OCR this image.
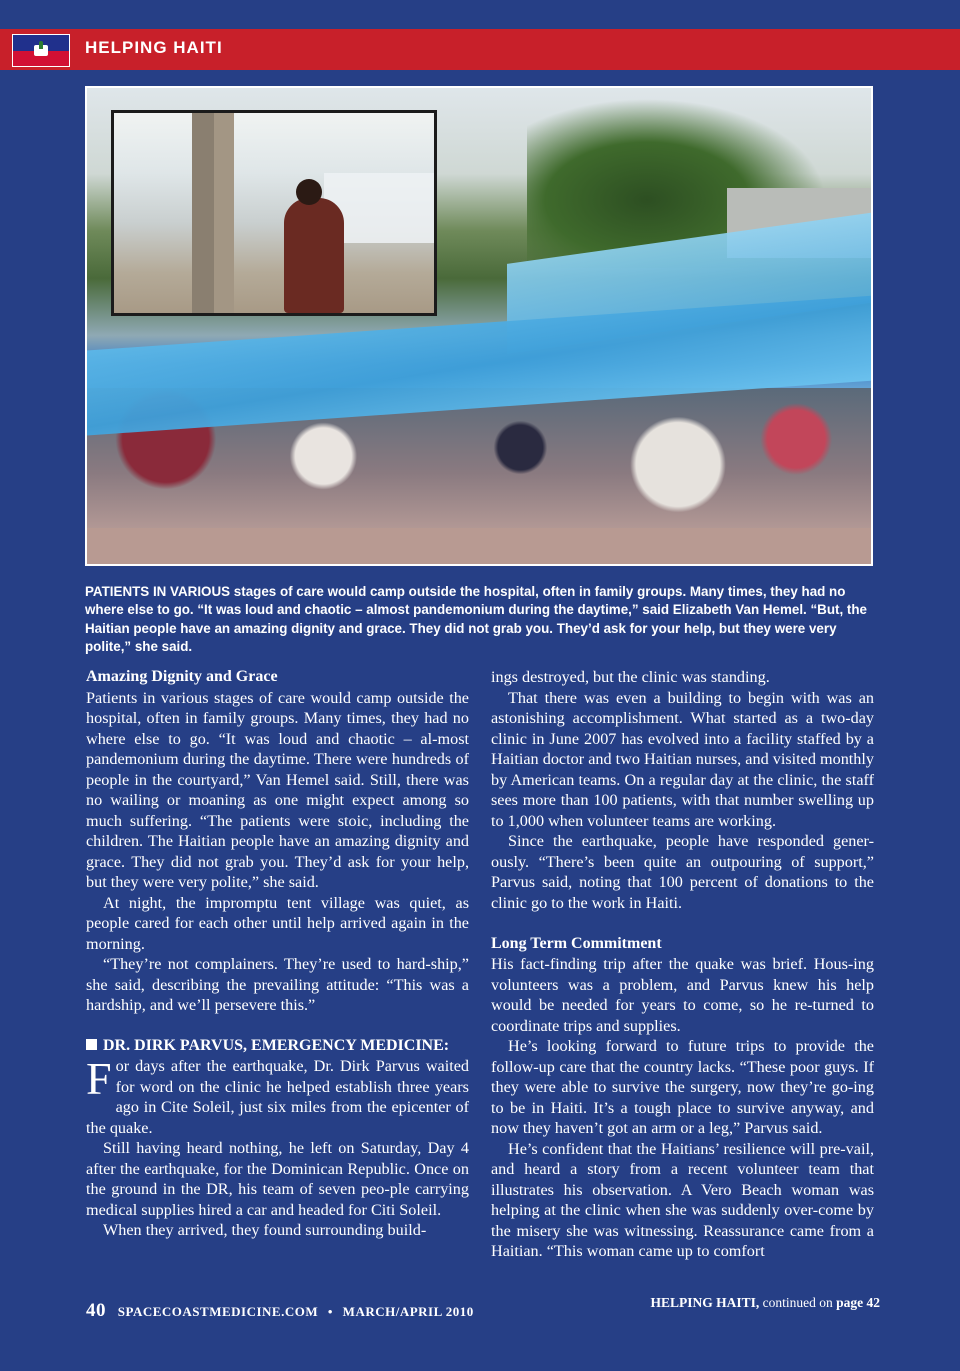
HELPING HAITI
PATIENTS IN VARIOUS stages of care would camp outside the hospital, often in family groups. Many times, they had no where else to go. “It was loud and chaotic – almost pandemonium during the daytime,” said Elizabeth Van Hemel. “But, the Haitian people have an amazing dignity and grace. They did not grab you. They’d ask for your help, but they were very polite,” she said.
Amazing Dignity and Grace

Patients in various stages of care would camp outside the hospital, often in family groups. Many times, they had no where else to go. “It was loud and chaotic – al-most pandemonium during the daytime. There were hundreds of people in the courtyard,” Van Hemel said. Still, there was no wailing or moaning as one might expect among so much suffering. “The patients were stoic, including the children. The Haitian people have an amazing dignity and grace. They did not grab you. They’d ask for your help, but they were very polite,” she said.

At night, the impromptu tent village was quiet, as people cared for each other until help arrived again in the morning.

“They’re not complainers. They’re used to hard-ship,” she said, describing the prevailing attitude: “This was a hardship, and we’ll persevere this.”

DR. DIRK PARVUS, EMERGENCY MEDICINE:

For days after the earthquake, Dr. Dirk Parvus waited for word on the clinic he helped establish three years ago in Cite Soleil, just six miles from the epicenter of the quake.

Still having heard nothing, he left on Saturday, Day 4 after the earthquake, for the Dominican Republic. Once on the ground in the DR, his team of seven peo-ple carrying medical supplies hired a car and headed for Citi Soleil.

When they arrived, they found surrounding build-

ings destroyed, but the clinic was standing.

That there was even a building to begin with was an astonishing accomplishment. What started as a two-day clinic in June 2007 has evolved into a facility staffed by a Haitian doctor and two Haitian nurses, and visited monthly by American teams. On a regular day at the clinic, the staff sees more than 100 patients, with that number swelling up to 1,000 when volunteer teams are working.

Since the earthquake, people have responded gener-ously. “There’s been quite an outpouring of support,” Parvus said, noting that 100 percent of donations to the clinic go to the work in Haiti.

Long Term Commitment

His fact-finding trip after the quake was brief. Hous-ing volunteers was a problem, and Parvus knew his help would be needed for years to come, so he re-turned to coordinate trips and supplies.

He’s looking forward to future trips to provide the follow-up care that the country lacks. “These poor guys. If they were able to survive the surgery, now they’re go-ing to be in Haiti. It’s a tough place to survive anyway, and now they haven’t got an arm or a leg,” Parvus said.

He’s confident that the Haitians’ resilience will pre-vail, and heard a story from a recent volunteer team that illustrates his observation. A Vero Beach woman was helping at the clinic when she was suddenly over-come by the misery she was witnessing. Reassurance came from a Haitian. “This woman came up to comfort

40 SPACECOASTMEDICINE.COM • MARCH/APRIL 2010
HELPING HAITI, continued on page 42
